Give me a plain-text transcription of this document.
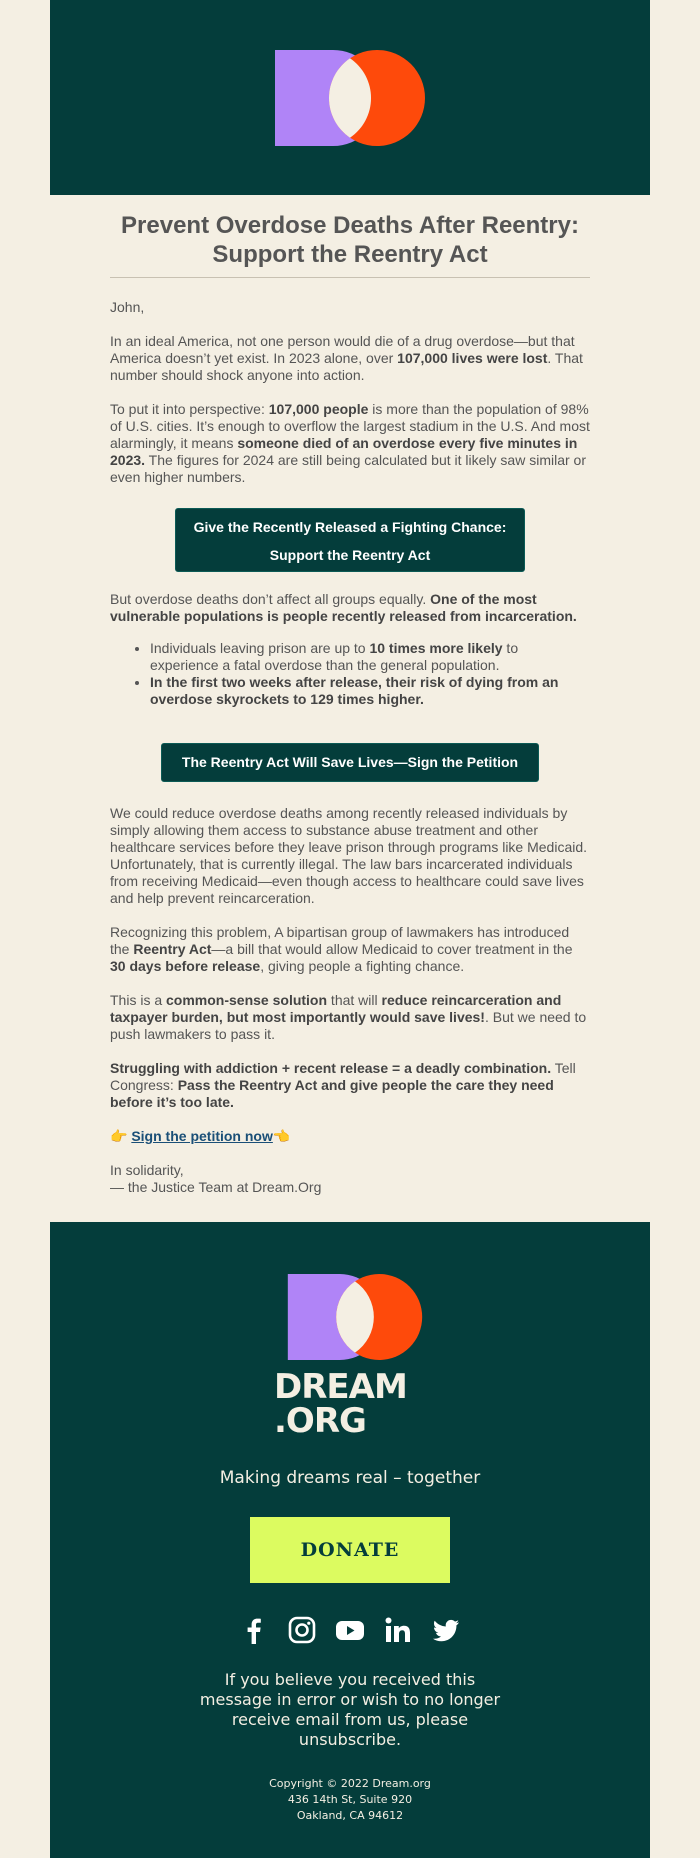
Prevent Overdose Deaths After Reentry: Support the Reentry Act

John,

In an ideal America, not one person would die of a drug overdose—but that America doesn’t yet exist. In 2023 alone, over 107,000 lives were lost. That number should shock anyone into action.

To put it into perspective: 107,000 people is more than the population of 98% of U.S. cities. It’s enough to overflow the largest stadium in the U.S. And most alarmingly, it means someone died of an overdose every five minutes in 2023. The figures for 2024 are still being calculated but it likely saw similar or even higher numbers.

Give the Recently Released a Fighting Chance:
Support the Reentry Act

But overdose deaths don’t affect all groups equally. One of the most vulnerable populations is people recently released from incarceration.

• Individuals leaving prison are up to 10 times more likely to experience a fatal overdose than the general population.
• In the first two weeks after release, their risk of dying from an overdose skyrockets to 129 times higher.
The Reentry Act Will Save Lives—Sign the Petition

We could reduce overdose deaths among recently released individuals by simply allowing them access to substance abuse treatment and other healthcare services before they leave prison through programs like Medicaid. Unfortunately, that is currently illegal. The law bars incarcerated individuals from receiving Medicaid—even though access to healthcare could save lives and help prevent reincarceration.

Recognizing this problem, A bipartisan group of lawmakers has introduced the Reentry Act—a bill that would allow Medicaid to cover treatment in the 30 days before release, giving people a fighting chance.

This is a common-sense solution that will reduce reincarceration and taxpayer burden, but most importantly would save lives!. But we need to push lawmakers to pass it.

Struggling with addiction + recent release = a deadly combination. Tell Congress: Pass the Reentry Act and give people the care they need before it’s too late.

👉 Sign the petition now👈

In solidarity,
— the Justice Team at Dream.Org

DREAM
.ORG
Making dreams real – together
DONATE
If you believe you received this message in error or wish to no longer receive email from us, please unsubscribe.
Copyright © 2022 Dream.org
436 14th St, Suite 920
Oakland, CA 94612
